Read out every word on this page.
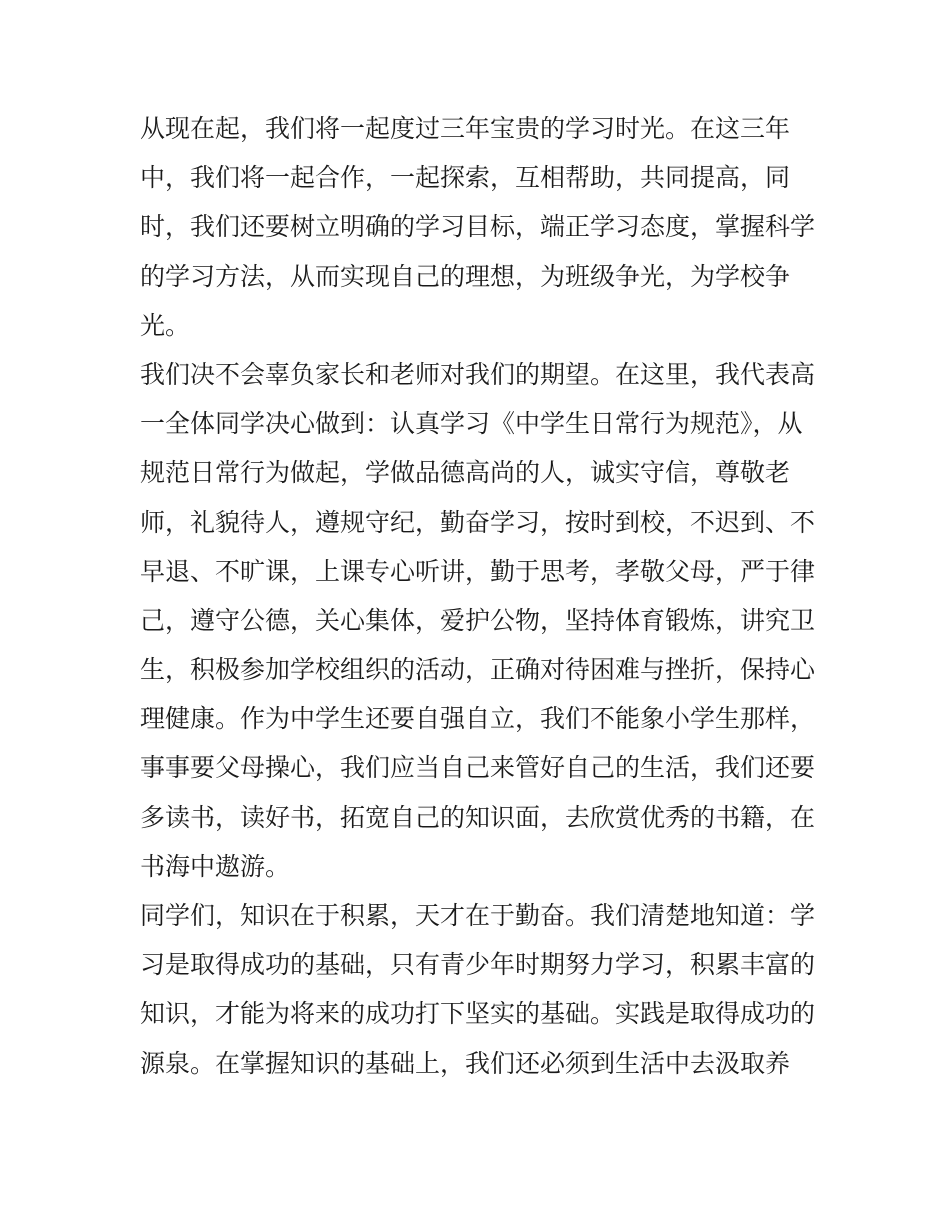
从现在起，我们将一起度过三年宝贵的学习时光。在这三年
中，我们将一起合作，一起探索，互相帮助，共同提高，同
时，我们还要树立明确的学习目标，端正学习态度，掌握科学
的学习方法，从而实现自己的理想，为班级争光，为学校争
光。

我们决不会辜负家长和老师对我们的期望。在这里，我代表高
一全体同学决心做到：认真学习《中学生日常行为规范》，从
规范日常行为做起，学做品德高尚的人，诚实守信，尊敬老
师，礼貌待人，遵规守纪，勤奋学习，按时到校，不迟到、不
早退、不旷课，上课专心听讲，勤于思考，孝敬父母，严于律
己，遵守公德，关心集体，爱护公物，坚持体育锻炼，讲究卫
生，积极参加学校组织的活动，正确对待困难与挫折，保持心
理健康。作为中学生还要自强自立，我们不能象小学生那样，
事事要父母操心，我们应当自己来管好自己的生活，我们还要
多读书，读好书，拓宽自己的知识面，去欣赏优秀的书籍，在
书海中遨游。

同学们，知识在于积累，天才在于勤奋。我们清楚地知道：学
习是取得成功的基础，只有青少年时期努力学习，积累丰富的
知识，才能为将来的成功打下坚实的基础。实践是取得成功的
源泉。在掌握知识的基础上，我们还必须到生活中去汲取养
